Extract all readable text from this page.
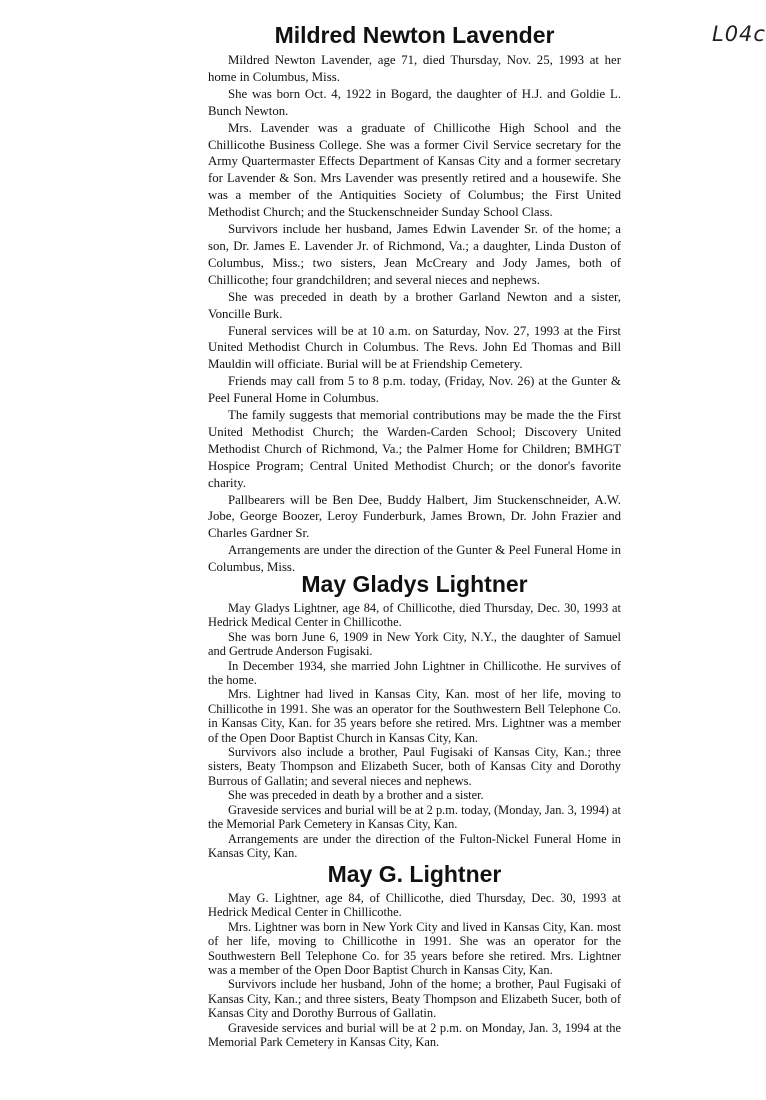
L04c
Mildred Newton Lavender

Mildred Newton Lavender, age 71, died Thursday, Nov. 25, 1993 at her home in Columbus, Miss.

She was born Oct. 4, 1922 in Bogard, the daughter of H.J. and Goldie L. Bunch Newton.

Mrs. Lavender was a graduate of Chillicothe High School and the Chillicothe Business College. She was a former Civil Service secretary for the Army Quartermaster Effects Department of Kansas City and a former secretary for Lavender & Son. Mrs Lavender was presently retired and a housewife. She was a member of the Antiquities Society of Columbus; the First United Methodist Church; and the Stuckenschneider Sunday School Class.

Survivors include her husband, James Edwin Lavender Sr. of the home; a son, Dr. James E. Lavender Jr. of Richmond, Va.; a daughter, Linda Duston of Columbus, Miss.; two sisters, Jean McCreary and Jody James, both of Chillicothe; four grandchildren; and several nieces and nephews.

She was preceded in death by a brother Garland Newton and a sister, Voncille Burk.

Funeral services will be at 10 a.m. on Saturday, Nov. 27, 1993 at the First United Methodist Church in Columbus. The Revs. John Ed Thomas and Bill Mauldin will officiate. Burial will be at Friendship Cemetery.

Friends may call from 5 to 8 p.m. today, (Friday, Nov. 26) at the Gunter & Peel Funeral Home in Columbus.

The family suggests that memorial contributions may be made the the First United Methodist Church; the Warden-Carden School; Discovery United Methodist Church of Richmond, Va.; the Palmer Home for Children; BMHGT Hospice Program; Central United Methodist Church; or the donor's favorite charity.

Pallbearers will be Ben Dee, Buddy Halbert, Jim Stuckenschneider, A.W. Jobe, George Boozer, Leroy Funderburk, James Brown, Dr. John Frazier and Charles Gardner Sr.

Arrangements are under the direction of the Gunter & Peel Funeral Home in Columbus, Miss.

May Gladys Lightner

May Gladys Lightner, age 84, of Chillicothe, died Thursday, Dec. 30, 1993 at Hedrick Medical Center in Chillicothe.

She was born June 6, 1909 in New York City, N.Y., the daughter of Samuel and Gertrude Anderson Fugisaki.

In December 1934, she married John Lightner in Chillicothe. He survives of the home.

Mrs. Lightner had lived in Kansas City, Kan. most of her life, moving to Chillicothe in 1991. She was an operator for the Southwestern Bell Telephone Co. in Kansas City, Kan. for 35 years before she retired. Mrs. Lightner was a member of the Open Door Baptist Church in Kansas City, Kan.

Survivors also include a brother, Paul Fugisaki of Kansas City, Kan.; three sisters, Beaty Thompson and Elizabeth Sucer, both of Kansas City and Dorothy Burrous of Gallatin; and several nieces and nephews.

She was preceded in death by a brother and a sister.

Graveside services and burial will be at 2 p.m. today, (Monday, Jan. 3, 1994) at the Memorial Park Cemetery in Kansas City, Kan.

Arrangements are under the direction of the Fulton-Nickel Funeral Home in Kansas City, Kan.

May G. Lightner

May G. Lightner, age 84, of Chillicothe, died Thursday, Dec. 30, 1993 at Hedrick Medical Center in Chillicothe.

Mrs. Lightner was born in New York City and lived in Kansas City, Kan. most of her life, moving to Chillicothe in 1991. She was an operator for the Southwestern Bell Telephone Co. for 35 years before she retired. Mrs. Lightner was a member of the Open Door Baptist Church in Kansas City, Kan.

Survivors include her husband, John of the home; a brother, Paul Fugisaki of Kansas City, Kan.; and three sisters, Beaty Thompson and Elizabeth Sucer, both of Kansas City and Dorothy Burrous of Gallatin.

Graveside services and burial will be at 2 p.m. on Monday, Jan. 3, 1994 at the Memorial Park Cemetery in Kansas City, Kan.
